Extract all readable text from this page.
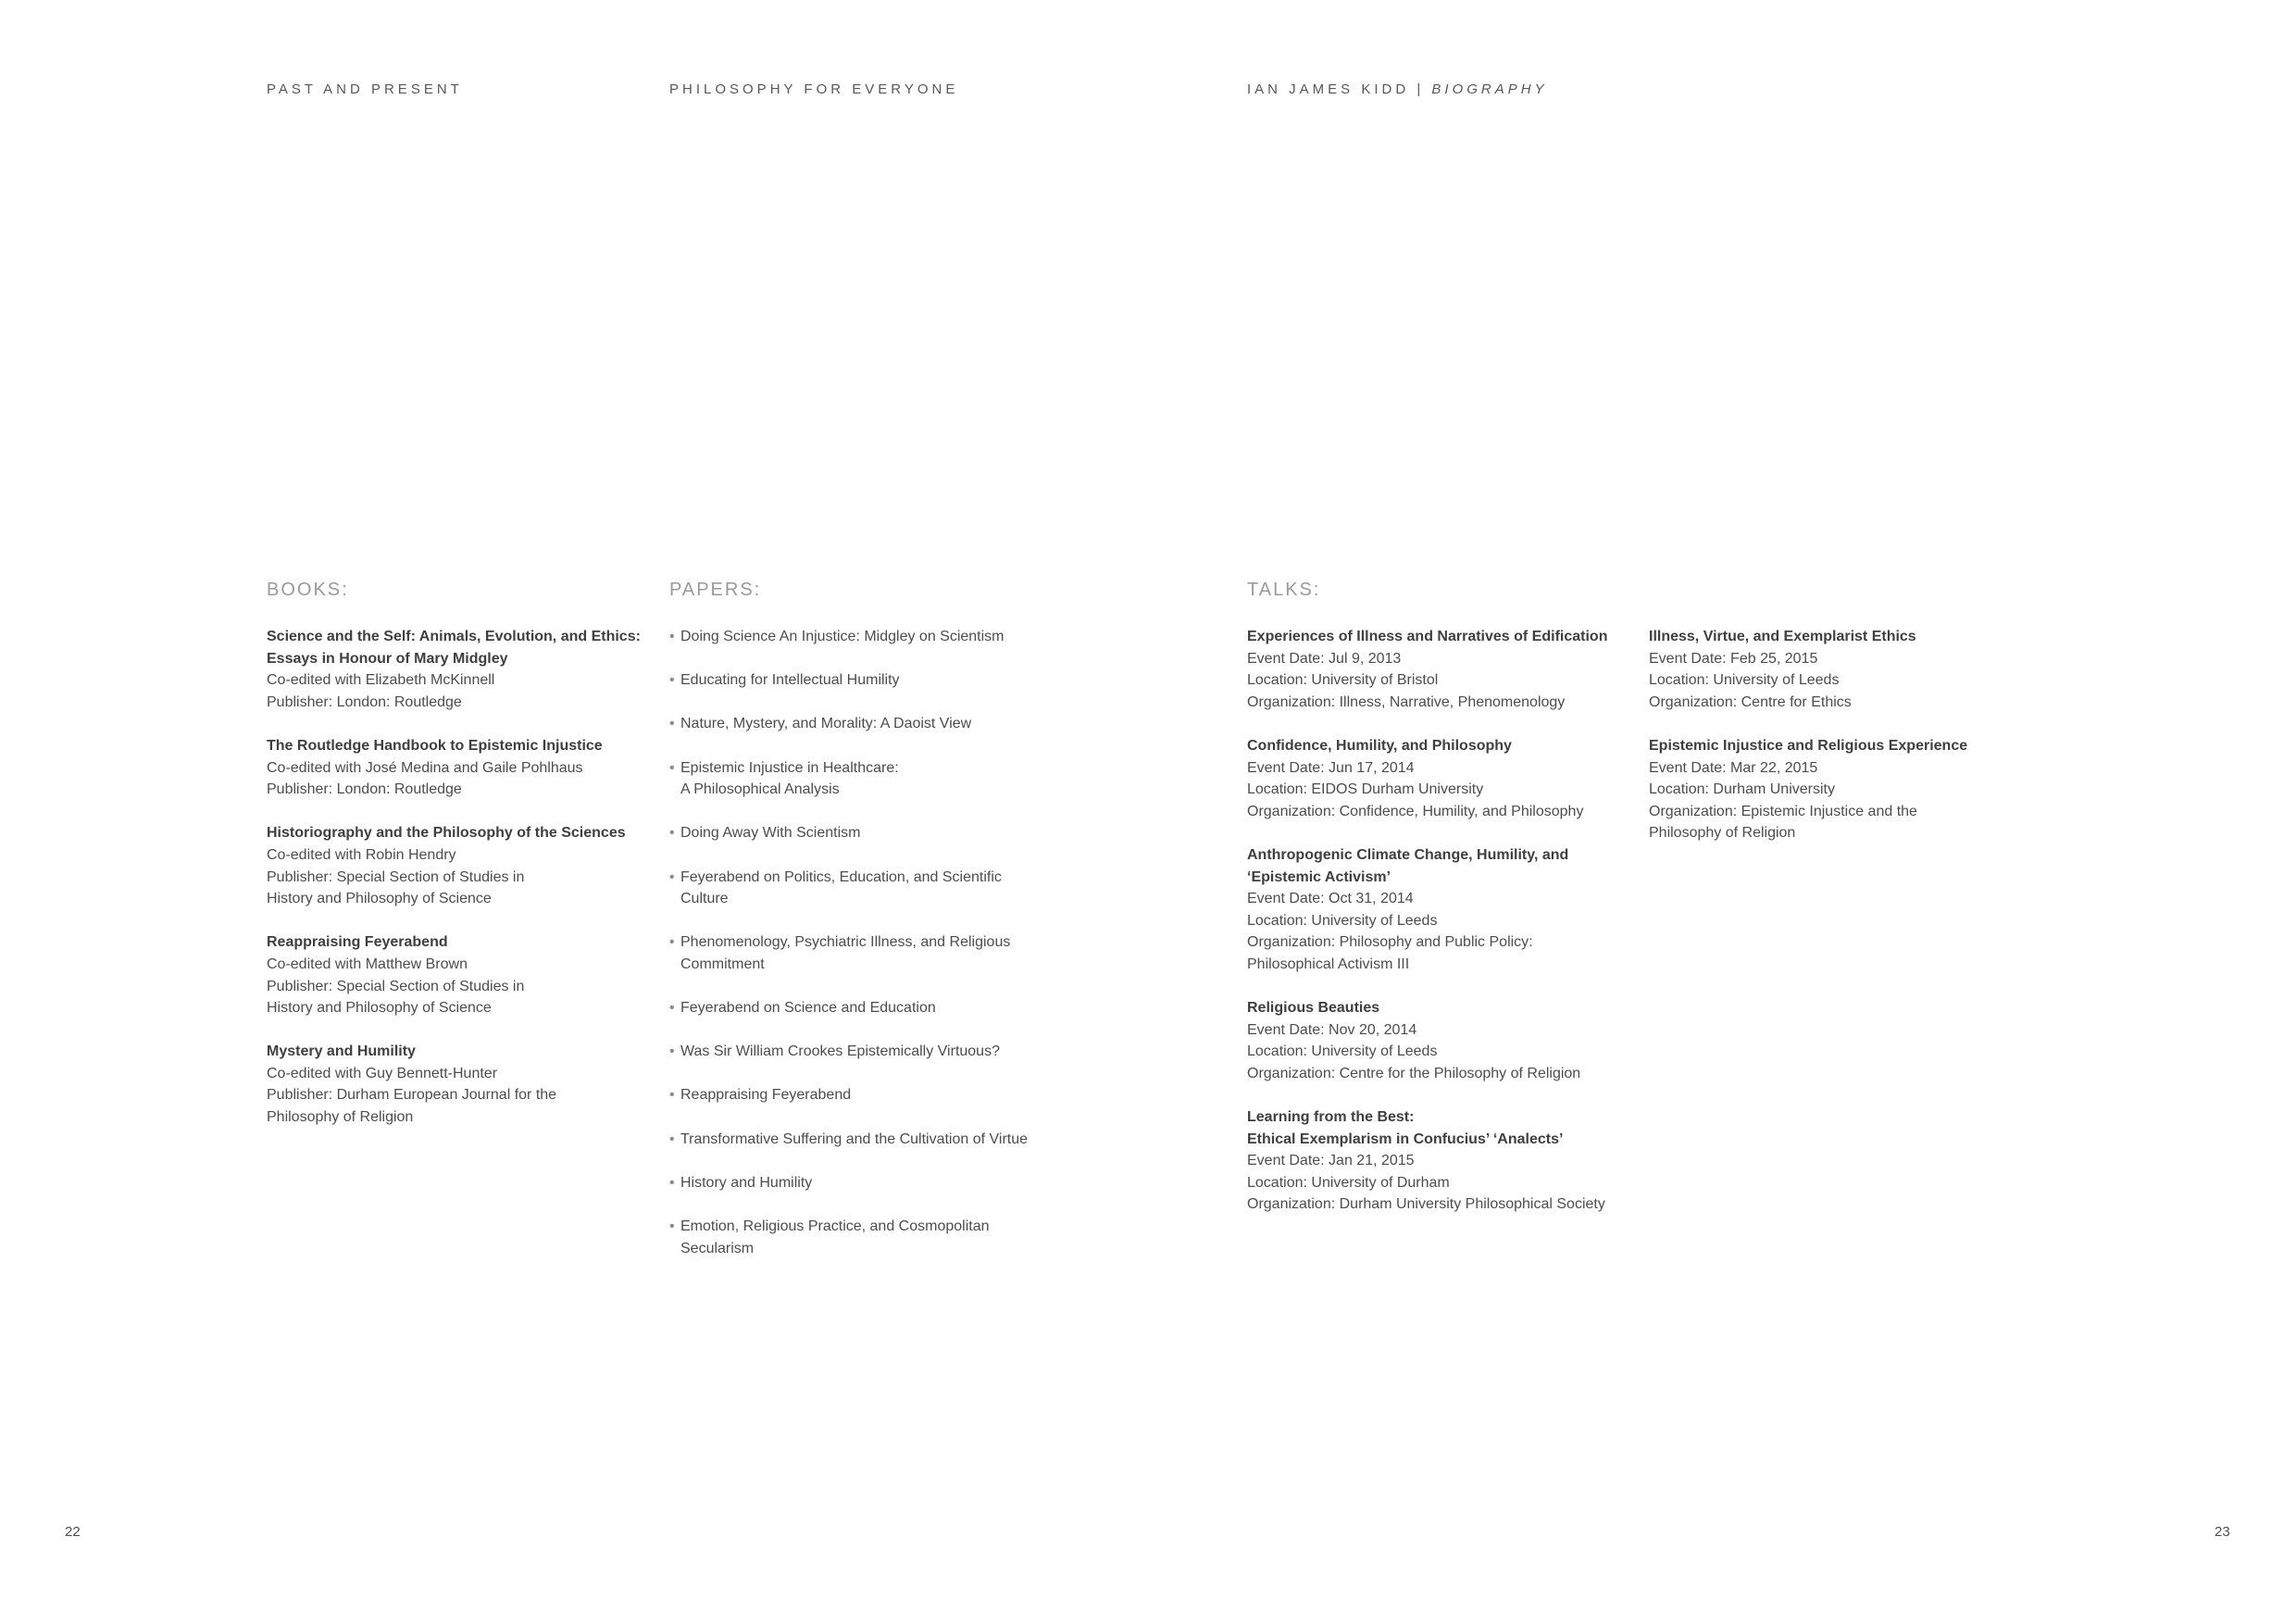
PAST AND PRESENT	PHILOSOPHY FOR EVERYONE	IAN JAMES KIDD | BIOGRAPHY
BOOKS:	PAPERS:	TALKS:
Science and the Self: Animals, Evolution, and Ethics:
Essays in Honour of Mary Midgley
Co-edited with Elizabeth McKinnell
Publisher: London: Routledge
The Routledge Handbook to Epistemic Injustice
Co-edited with José Medina and Gaile Pohlhaus
Publisher: London: Routledge
Historiography and the Philosophy of the Sciences
Co-edited with Robin Hendry
Publisher: Special Section of Studies in
History and Philosophy of Science
Reappraising Feyerabend
Co-edited with Matthew Brown
Publisher: Special Section of Studies in
History and Philosophy of Science
Mystery and Humility
Co-edited with Guy Bennett-Hunter
Publisher: Durham European Journal for the
Philosophy of Religion
• Doing Science An Injustice: Midgley on Scientism
• Educating for Intellectual Humility
• Nature, Mystery, and Morality: A Daoist View
• Epistemic Injustice in Healthcare:
A Philosophical Analysis
• Doing Away With Scientism
• Feyerabend on Politics, Education, and Scientific
Culture
• Phenomenology, Psychiatric Illness, and Religious
Commitment
• Feyerabend on Science and Education
• Was Sir William Crookes Epistemically Virtuous?
• Reappraising Feyerabend
• Transformative Suffering and the Cultivation of Virtue
• History and Humility
• Emotion, Religious Practice, and Cosmopolitan
Secularism
Experiences of Illness and Narratives of Edification
Event Date: Jul 9, 2013
Location: University of Bristol
Organization: Illness, Narrative, Phenomenology
Confidence, Humility, and Philosophy
Event Date: Jun 17, 2014
Location: EIDOS Durham University
Organization: Confidence, Humility, and Philosophy
Anthropogenic Climate Change, Humility, and
‘Epistemic Activism’
Event Date: Oct 31, 2014
Location: University of Leeds
Organization: Philosophy and Public Policy:
Philosophical Activism III
Religious Beauties
Event Date: Nov 20, 2014
Location: University of Leeds
Organization: Centre for the Philosophy of Religion
Learning from the Best:
Ethical Exemplarism in Confucius’ ‘Analects’
Event Date: Jan 21, 2015
Location: University of Durham
Organization: Durham University Philosophical Society
Illness, Virtue, and Exemplarist Ethics
Event Date: Feb 25, 2015
Location: University of Leeds
Organization: Centre for Ethics
Epistemic Injustice and Religious Experience
Event Date: Mar 22, 2015
Location: Durham University
Organization: Epistemic Injustice and the
Philosophy of Religion
22	23
